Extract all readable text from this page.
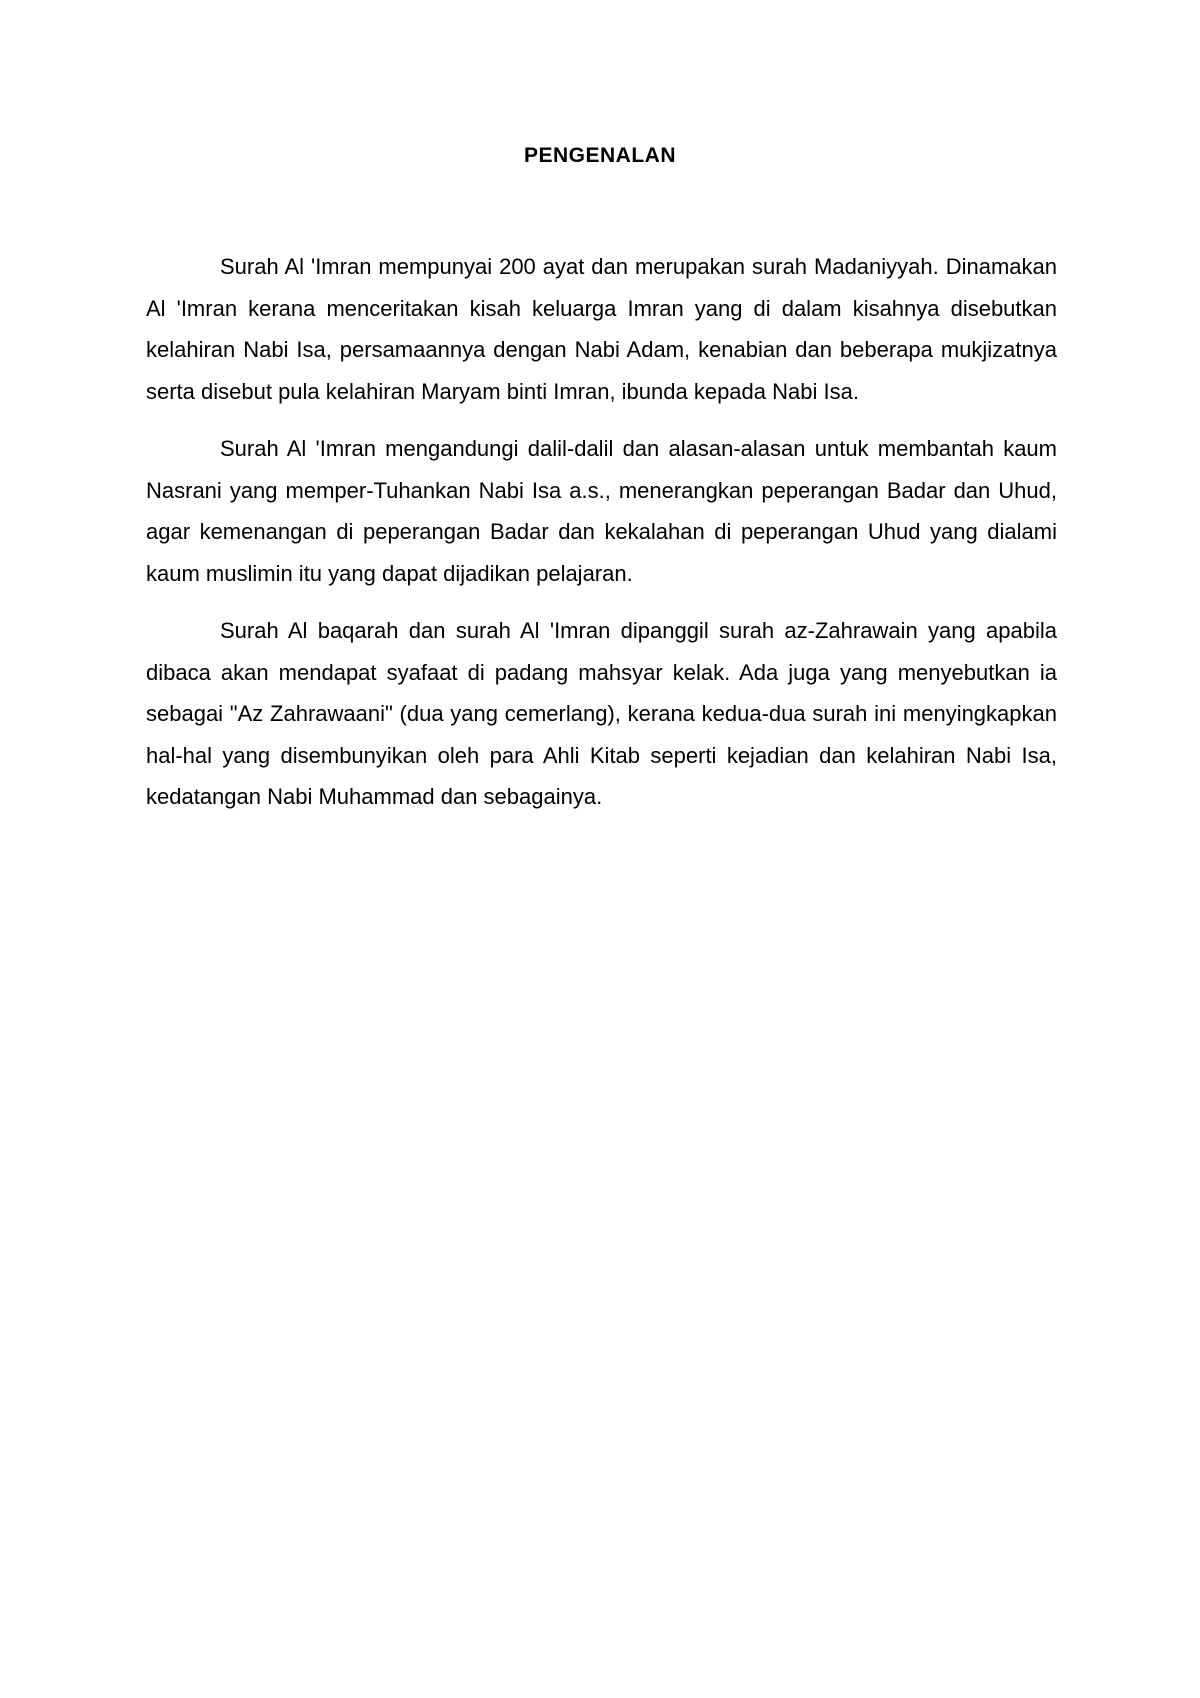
PENGENALAN

Surah Al 'Imran mempunyai 200 ayat dan merupakan surah Madaniyyah. Dinamakan Al 'Imran kerana menceritakan kisah keluarga Imran yang di dalam kisahnya disebutkan kelahiran Nabi Isa, persamaannya dengan Nabi Adam, kenabian dan beberapa mukjizatnya serta disebut pula kelahiran Maryam binti Imran, ibunda kepada Nabi Isa.

Surah Al 'Imran mengandungi dalil-dalil dan alasan-alasan untuk membantah kaum Nasrani yang memper-Tuhankan Nabi Isa a.s., menerangkan peperangan Badar dan Uhud, agar kemenangan di peperangan Badar dan kekalahan di peperangan Uhud yang dialami kaum muslimin itu yang dapat dijadikan pelajaran.

Surah Al baqarah dan surah Al 'Imran dipanggil surah az-Zahrawain yang apabila dibaca akan mendapat syafaat di padang mahsyar kelak. Ada juga yang menyebutkan ia sebagai "Az Zahrawaani" (dua yang cemerlang), kerana kedua-dua surah ini menyingkapkan hal-hal yang disembunyikan oleh para Ahli Kitab seperti kejadian dan kelahiran Nabi Isa, kedatangan Nabi Muhammad dan sebagainya.
